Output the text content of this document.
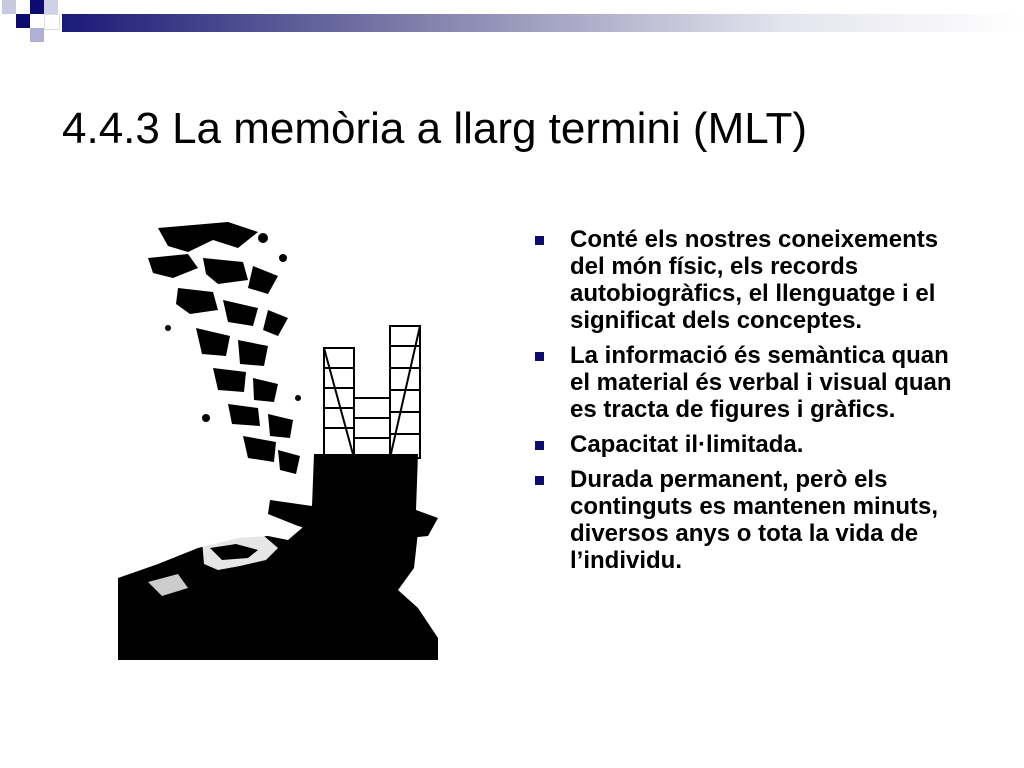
4.4.3 La memòria a llarg termini (MLT)
Conté els nostres coneixements del món físic, els records autobiogràfics, el llenguatge i el significat dels conceptes.
La informació és semàntica quan el material és verbal i visual quan es tracta de figures i gràfics.
Capacitat il·limitada.
Durada permanent, però els continguts es mantenen minuts, diversos anys o tota la vida de l’individu.
